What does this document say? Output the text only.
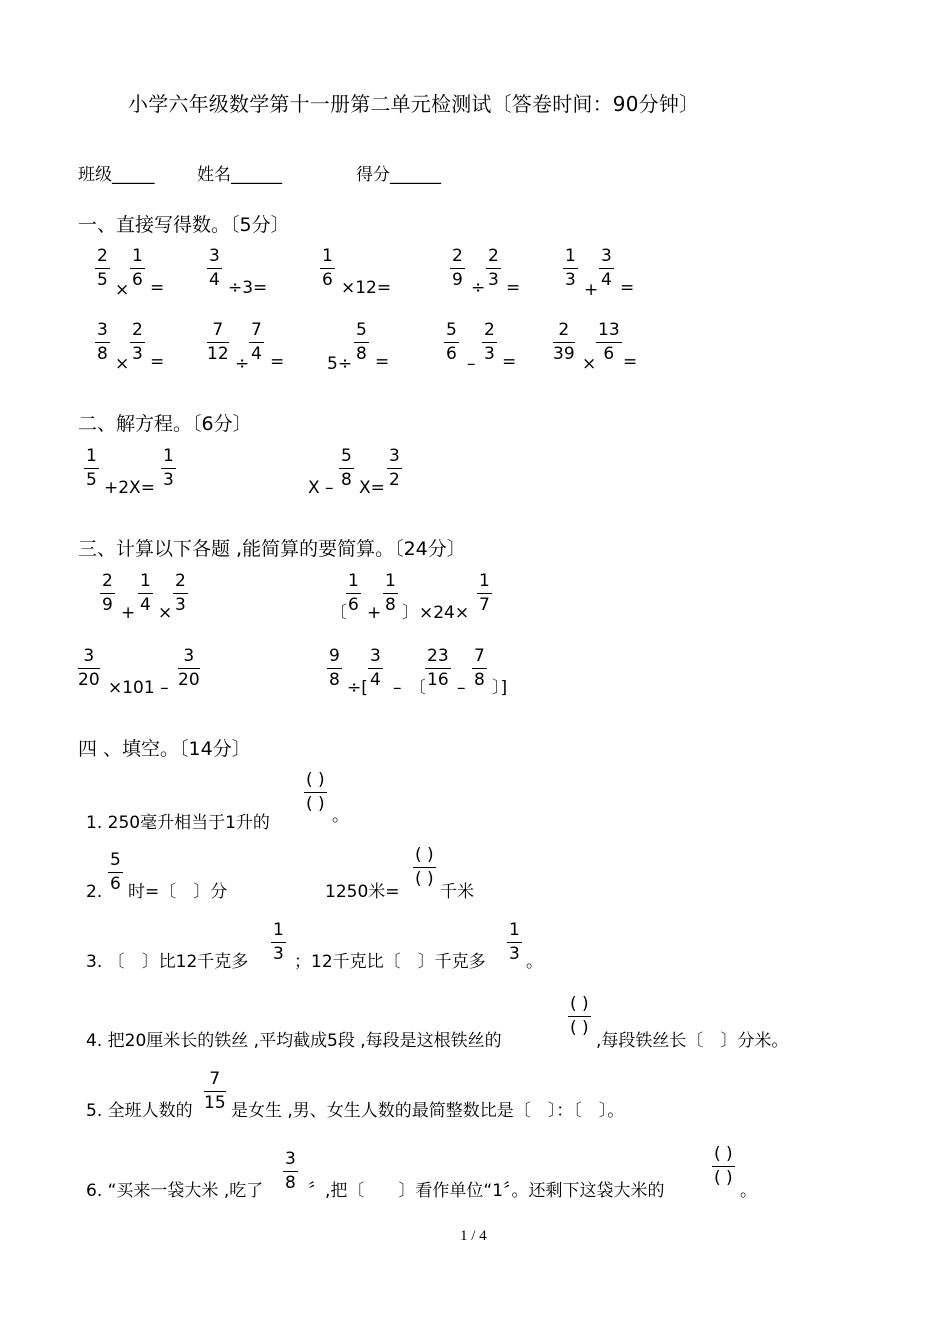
小学六年级数学第十一册第二单元检测试〔答卷时间：90分钟〕
班级_____	姓名______	得分______
一、直接写得数。〔5分〕
2
5 ×
1
6 =
3
4 ÷3=
1
6 ×12=
2
9 ÷
2
3 =
1
3 +
3
4 =
3
8 ×
2
3 =
7
12 ÷
7
4 =	5÷
5
8 =
5
6 –
2
3 =
2
39 ×
13
6 =
二、解方程。〔6分〕
1
5 +2X=
1
3	X –
5
8 X=
3
2
三、计算以下各题 ,能简算的要简算。〔24分〕
2
9 +
1
4 ×
2
3	〔
1
6 +
1
8 〕×24×
1
7
3
20 ×101 –
3
20
9
8 ÷[
3
4 – 〔
23
16 –
7
8 〕]
四 、填空。〔14分〕
1. 250毫升相当于1升的
( )
( )
。
2.
5
6 时=〔　〕分	1250米=
( )
( )
千米
3. 〔　〕比12千克多
1
3 ；12千克比〔　〕千克多
1
3 。
4. 把20厘米长的铁丝 ,平均截成5段 ,每段是这根铁丝的
( )
( )
,每段铁丝长〔　〕分米。
5. 全班人数的
7
15 是女生 ,男、女生人数的最简整数比是〔　〕：〔　〕。
6. “买来一袋大米 ,吃了
3
8 〞,把〔　　〕看作单位“1〞。还剩下这袋大米的
( )
( )
。
1 / 4
